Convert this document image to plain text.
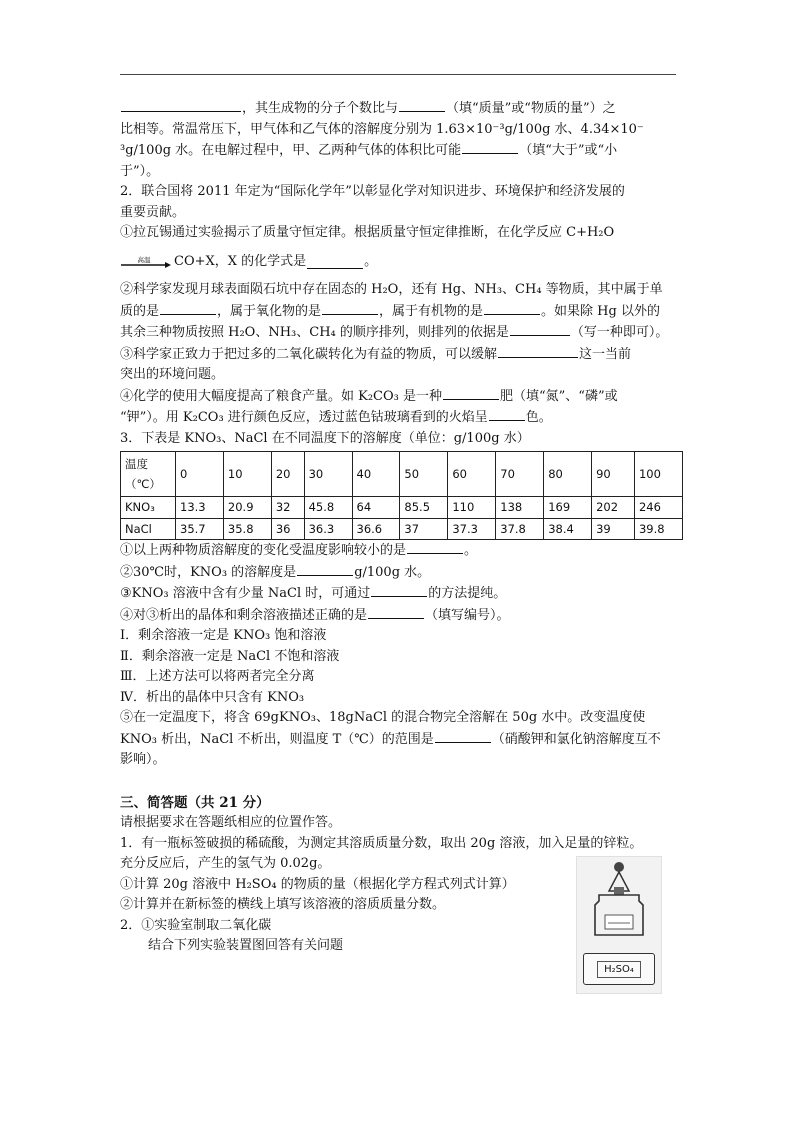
，其生成物的分子个数比与	（填“质量”或“物质的量”）之

比相等。常温常压下，甲气体和乙气体的溶解度分别为 1.63×10⁻³g/100g 水、4.34×10⁻

³g/100g 水。在电解过程中，甲、乙两种气体的体积比可能	（填“大于”或“小

于”）。

2．联合国将 2011 年定为“国际化学年”以彰显化学对知识进步、环境保护和经济发展的

重要贡献。

①拉瓦锡通过实验揭示了质量守恒定律。根据质量守恒定律推断，在化学反应 C+H₂O

高温 CO+X，X 的化学式是	。

②科学家发现月球表面陨石坑中存在固态的 H₂O，还有 Hg、NH₃、CH₄ 等物质，其中属于单

质的是	，属于氧化物的是	，属于有机物的是	。如果除 Hg 以外的

其余三种物质按照 H₂O、NH₃、CH₄ 的顺序排列，则排列的依据是	（写一种即可）。

③科学家正致力于把过多的二氧化碳转化为有益的物质，可以缓解	这一当前

突出的环境问题。

④化学的使用大幅度提高了粮食产量。如 K₂CO₃ 是一种	肥（填“氮”、“磷”或

“钾”）。用 K₂CO₃ 进行颜色反应，透过蓝色钴玻璃看到的火焰呈	色。

3．下表是 KNO₃、NaCl 在不同温度下的溶解度（单位：g/100g 水）

温度（℃）	0	10	20	30	40	50	60	70	80	90	100
KNO₃	13.3	20.9	32	45.8	64	85.5	110	138	169	202	246
NaCl	35.7	35.8	36	36.3	36.6	37	37.3	37.8	38.4	39	39.8

①以上两种物质溶解度的变化受温度影响较小的是	。

②30℃时，KNO₃ 的溶解度是	g/100g 水。

③KNO₃ 溶液中含有少量 NaCl 时，可通过	的方法提纯。

④对③析出的晶体和剩余溶液描述正确的是	（填写编号）。

Ⅰ．剩余溶液一定是 KNO₃ 饱和溶液

Ⅱ．剩余溶液一定是 NaCl 不饱和溶液

Ⅲ．上述方法可以将两者完全分离

Ⅳ．析出的晶体中只含有 KNO₃

⑤在一定温度下，将含 69gKNO₃、18gNaCl 的混合物完全溶解在 50g 水中。改变温度使

KNO₃ 析出，NaCl 不析出，则温度 T（℃）的范围是	（硝酸钾和氯化钠溶解度互不

影响）。

三、简答题（共 21 分）

请根据要求在答题纸相应的位置作答。

1．有一瓶标签破损的稀硫酸，为测定其溶质质量分数，取出 20g 溶液，加入足量的锌粒。

充分反应后，产生的氢气为 0.02g。

①计算 20g 溶液中 H₂SO₄ 的物质的量（根据化学方程式列式计算）

②计算并在新标签的横线上填写该溶液的溶质质量分数。

2．①实验室制取二氧化碳

结合下列实验装置图回答有关问题

H₂SO₄
